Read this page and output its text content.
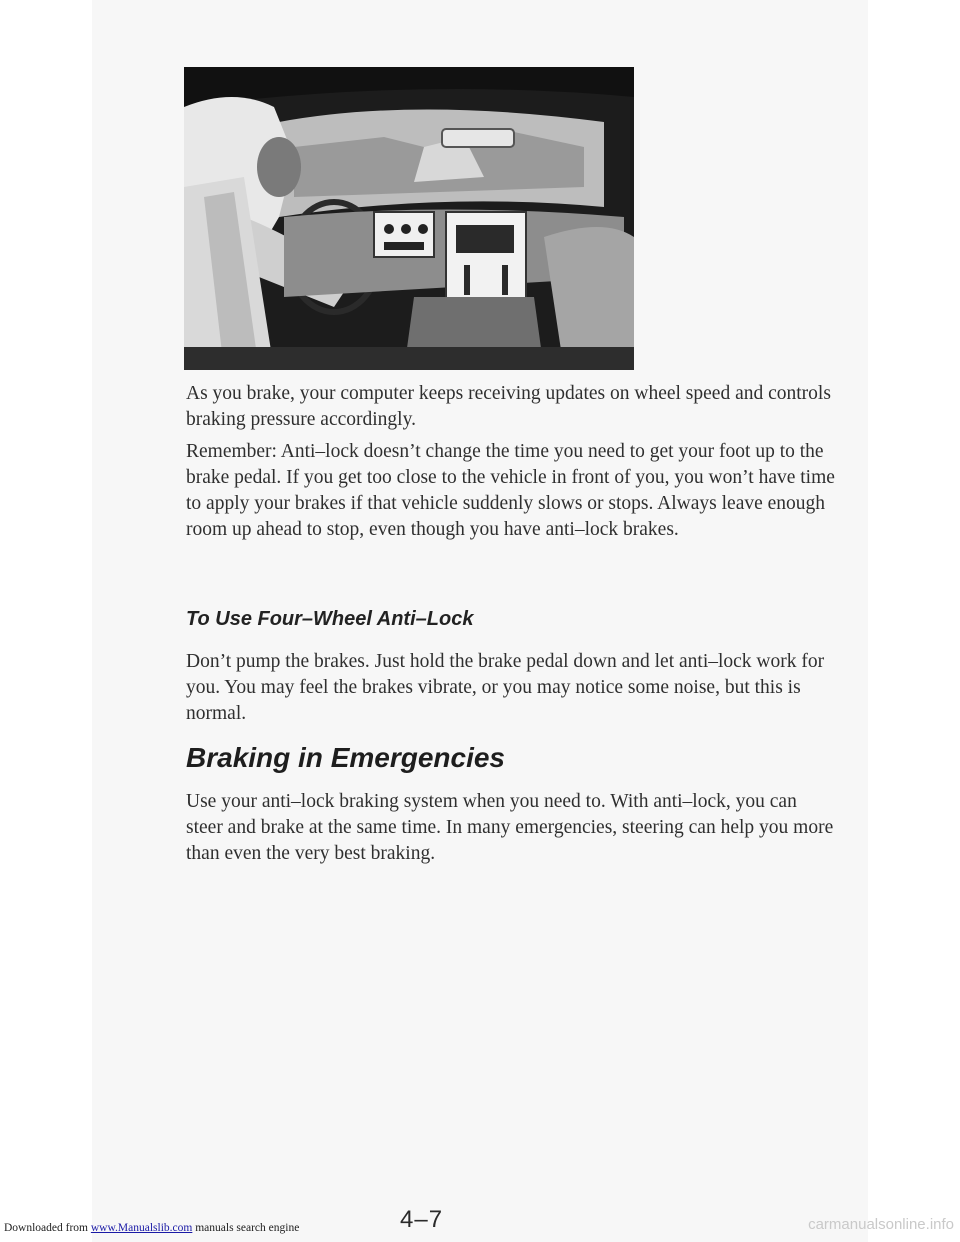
As you brake, your computer keeps receiving updates on wheel speed and controls braking pressure accordingly.

Remember: Anti–lock doesn’t change the time you need to get your foot up to the brake pedal. If you get too close to the vehicle in front of you, you won’t have time to apply your brakes if that vehicle suddenly slows or stops. Always leave enough room up ahead to stop, even though you have anti–lock brakes.

To Use Four–Wheel Anti–Lock

Don’t pump the brakes. Just hold the brake pedal down and let anti–lock work for you. You may feel the brakes vibrate, or you may notice some noise, but this is normal.

Braking in Emergencies

Use your anti–lock braking system when you need to. With anti–lock, you can steer and brake at the same time. In many emergencies, steering can help you more than even the very best braking.

4–7
Downloaded from www.Manualslib.com manuals search engine	carmanualsonline.info
